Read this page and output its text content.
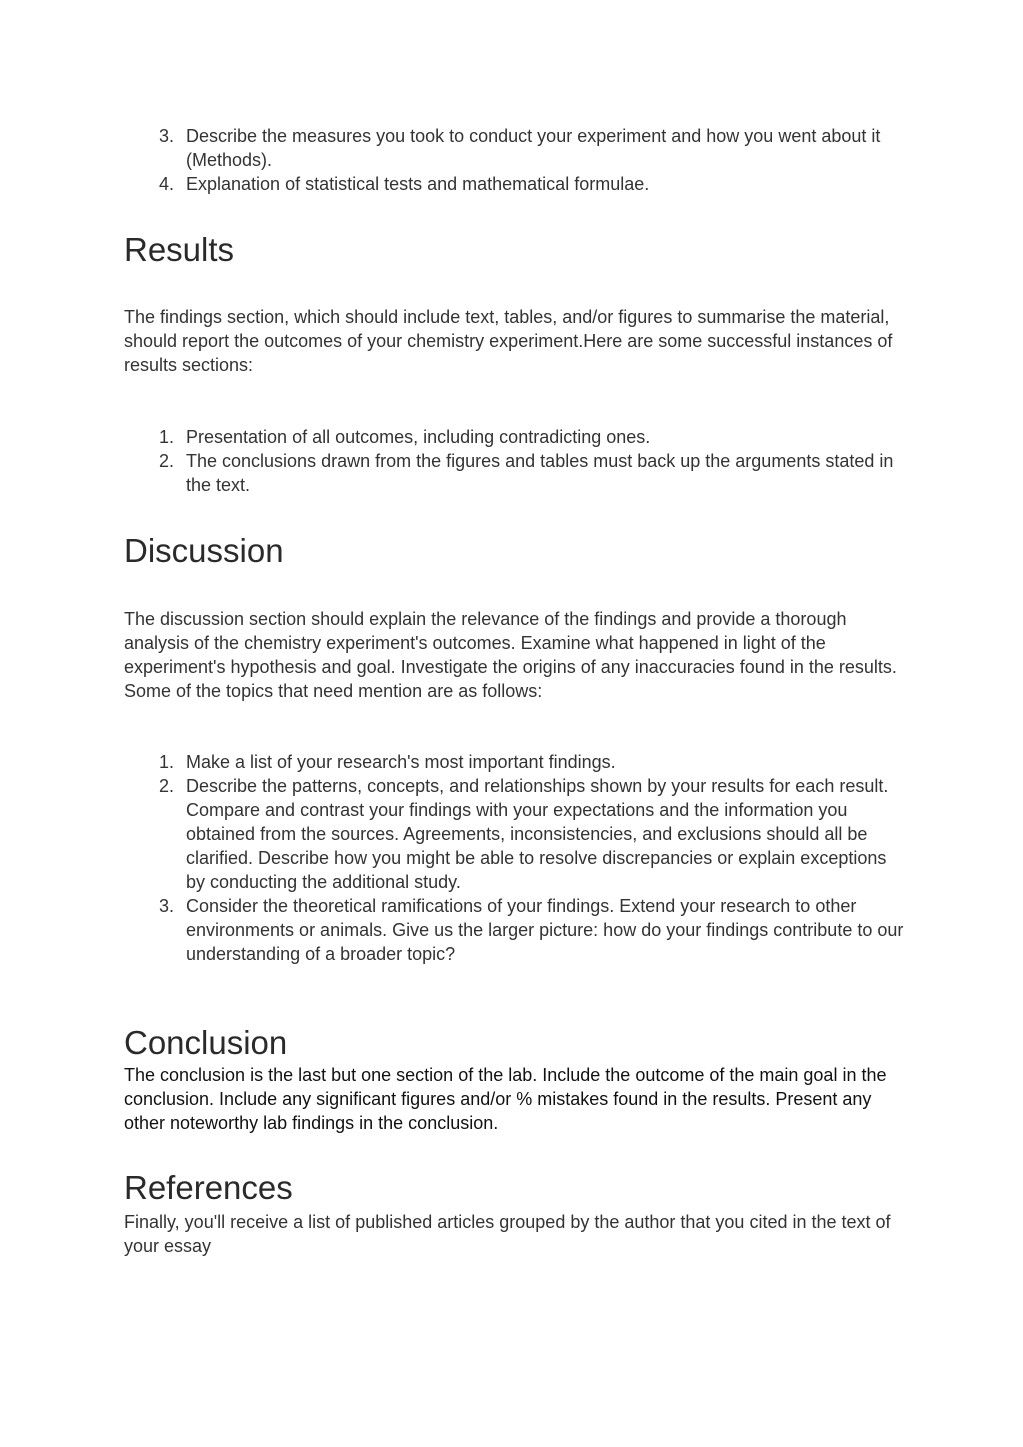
3. Describe the measures you took to conduct your experiment and how you went about it (Methods).
4. Explanation of statistical tests and mathematical formulae.
Results

The findings section, which should include text, tables, and/or figures to summarise the material, should report the outcomes of your chemistry experiment.Here are some successful instances of results sections:

1. Presentation of all outcomes, including contradicting ones.
2. The conclusions drawn from the figures and tables must back up the arguments stated in the text.
Discussion

The discussion section should explain the relevance of the findings and provide a thorough analysis of the chemistry experiment's outcomes. Examine what happened in light of the experiment's hypothesis and goal. Investigate the origins of any inaccuracies found in the results. Some of the topics that need mention are as follows:

1. Make a list of your research's most important findings.
2. Describe the patterns, concepts, and relationships shown by your results for each result. Compare and contrast your findings with your expectations and the information you obtained from the sources. Agreements, inconsistencies, and exclusions should all be clarified. Describe how you might be able to resolve discrepancies or explain exceptions by conducting the additional study.
3. Consider the theoretical ramifications of your findings. Extend your research to other environments or animals. Give us the larger picture: how do your findings contribute to our understanding of a broader topic?
Conclusion

The conclusion is the last but one section of the lab. Include the outcome of the main goal in the conclusion. Include any significant figures and/or % mistakes found in the results. Present any other noteworthy lab findings in the conclusion.

References

Finally, you'll receive a list of published articles grouped by the author that you cited in the text of your essay
